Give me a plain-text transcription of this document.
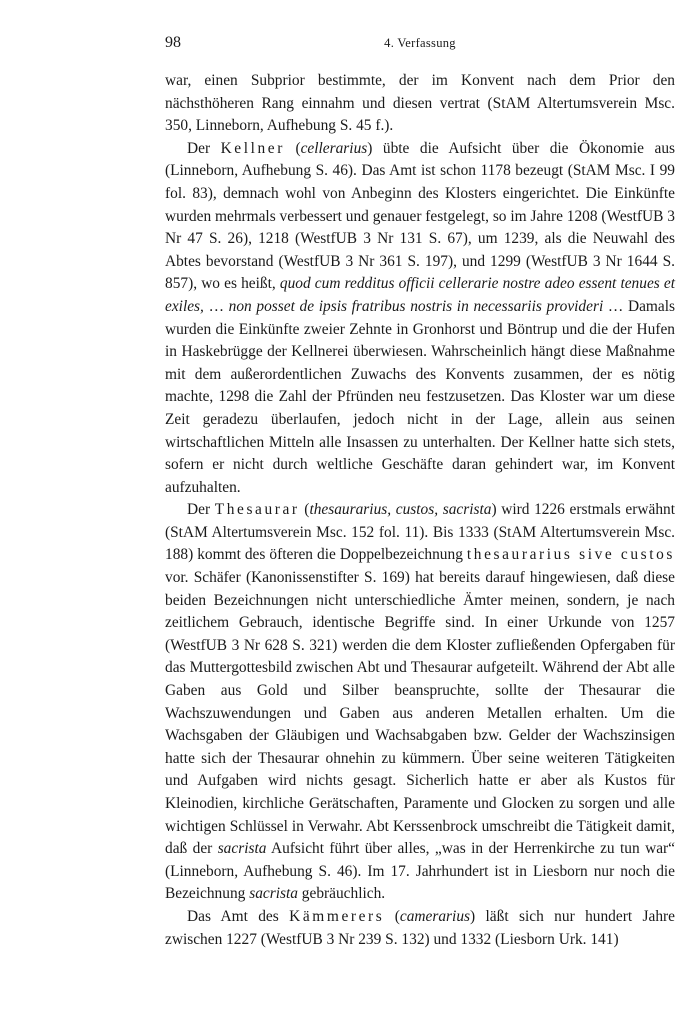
98	4. Verfassung

war, einen Subprior bestimmte, der im Konvent nach dem Prior den nächsthöheren Rang einnahm und diesen vertrat (StAM Altertumsverein Msc. 350, Linneborn, Aufhebung S. 45 f.).

Der Kellner (cellerarius) übte die Aufsicht über die Ökonomie aus (Linneborn, Aufhebung S. 46). Das Amt ist schon 1178 bezeugt (StAM Msc. I 99 fol. 83), demnach wohl von Anbeginn des Klosters eingerichtet. Die Einkünfte wurden mehrmals verbessert und genauer festgelegt, so im Jahre 1208 (WestfUB 3 Nr 47 S. 26), 1218 (WestfUB 3 Nr 131 S. 67), um 1239, als die Neuwahl des Abtes bevorstand (WestfUB 3 Nr 361 S. 197), und 1299 (WestfUB 3 Nr 1644 S. 857), wo es heißt, quod cum redditus officii cellerarie nostre adeo essent tenues et exiles, … non posset de ipsis fratribus nostris in necessariis provideri … Damals wurden die Einkünfte zweier Zehnte in Gronhorst und Böntrup und die der Hufen in Haskebrügge der Kellnerei überwiesen. Wahrscheinlich hängt diese Maßnahme mit dem außerordentlichen Zuwachs des Konvents zusammen, der es nötig machte, 1298 die Zahl der Pfründen neu festzusetzen. Das Kloster war um diese Zeit geradezu überlaufen, jedoch nicht in der Lage, allein aus seinen wirtschaftlichen Mitteln alle Insassen zu unterhalten. Der Kellner hatte sich stets, sofern er nicht durch weltliche Geschäfte daran gehindert war, im Konvent aufzuhalten.

Der Thesaurar (thesaurarius, custos, sacrista) wird 1226 erstmals erwähnt (StAM Altertumsverein Msc. 152 fol. 11). Bis 1333 (StAM Altertumsverein Msc. 188) kommt des öfteren die Doppelbezeichnung thesaurarius sive custos vor. Schäfer (Kanonissenstifter S. 169) hat bereits darauf hingewiesen, daß diese beiden Bezeichnungen nicht unterschiedliche Ämter meinen, sondern, je nach zeitlichem Gebrauch, identische Begriffe sind. In einer Urkunde von 1257 (WestfUB 3 Nr 628 S. 321) werden die dem Kloster zufließenden Opfergaben für das Muttergottesbild zwischen Abt und Thesaurar aufgeteilt. Während der Abt alle Gaben aus Gold und Silber beanspruchte, sollte der Thesaurar die Wachszuwendungen und Gaben aus anderen Metallen erhalten. Um die Wachsgaben der Gläubigen und Wachsabgaben bzw. Gelder der Wachszinsigen hatte sich der Thesaurar ohnehin zu kümmern. Über seine weiteren Tätigkeiten und Aufgaben wird nichts gesagt. Sicherlich hatte er aber als Kustos für Kleinodien, kirchliche Gerätschaften, Paramente und Glocken zu sorgen und alle wichtigen Schlüssel in Verwahr. Abt Kerssenbrock umschreibt die Tätigkeit damit, daß der sacrista Aufsicht führt über alles, „was in der Herrenkirche zu tun war“ (Linneborn, Aufhebung S. 46). Im 17. Jahrhundert ist in Liesborn nur noch die Bezeichnung sacrista gebräuchlich.

Das Amt des Kämmerers (camerarius) läßt sich nur hundert Jahre zwischen 1227 (WestfUB 3 Nr 239 S. 132) und 1332 (Liesborn Urk. 141)
